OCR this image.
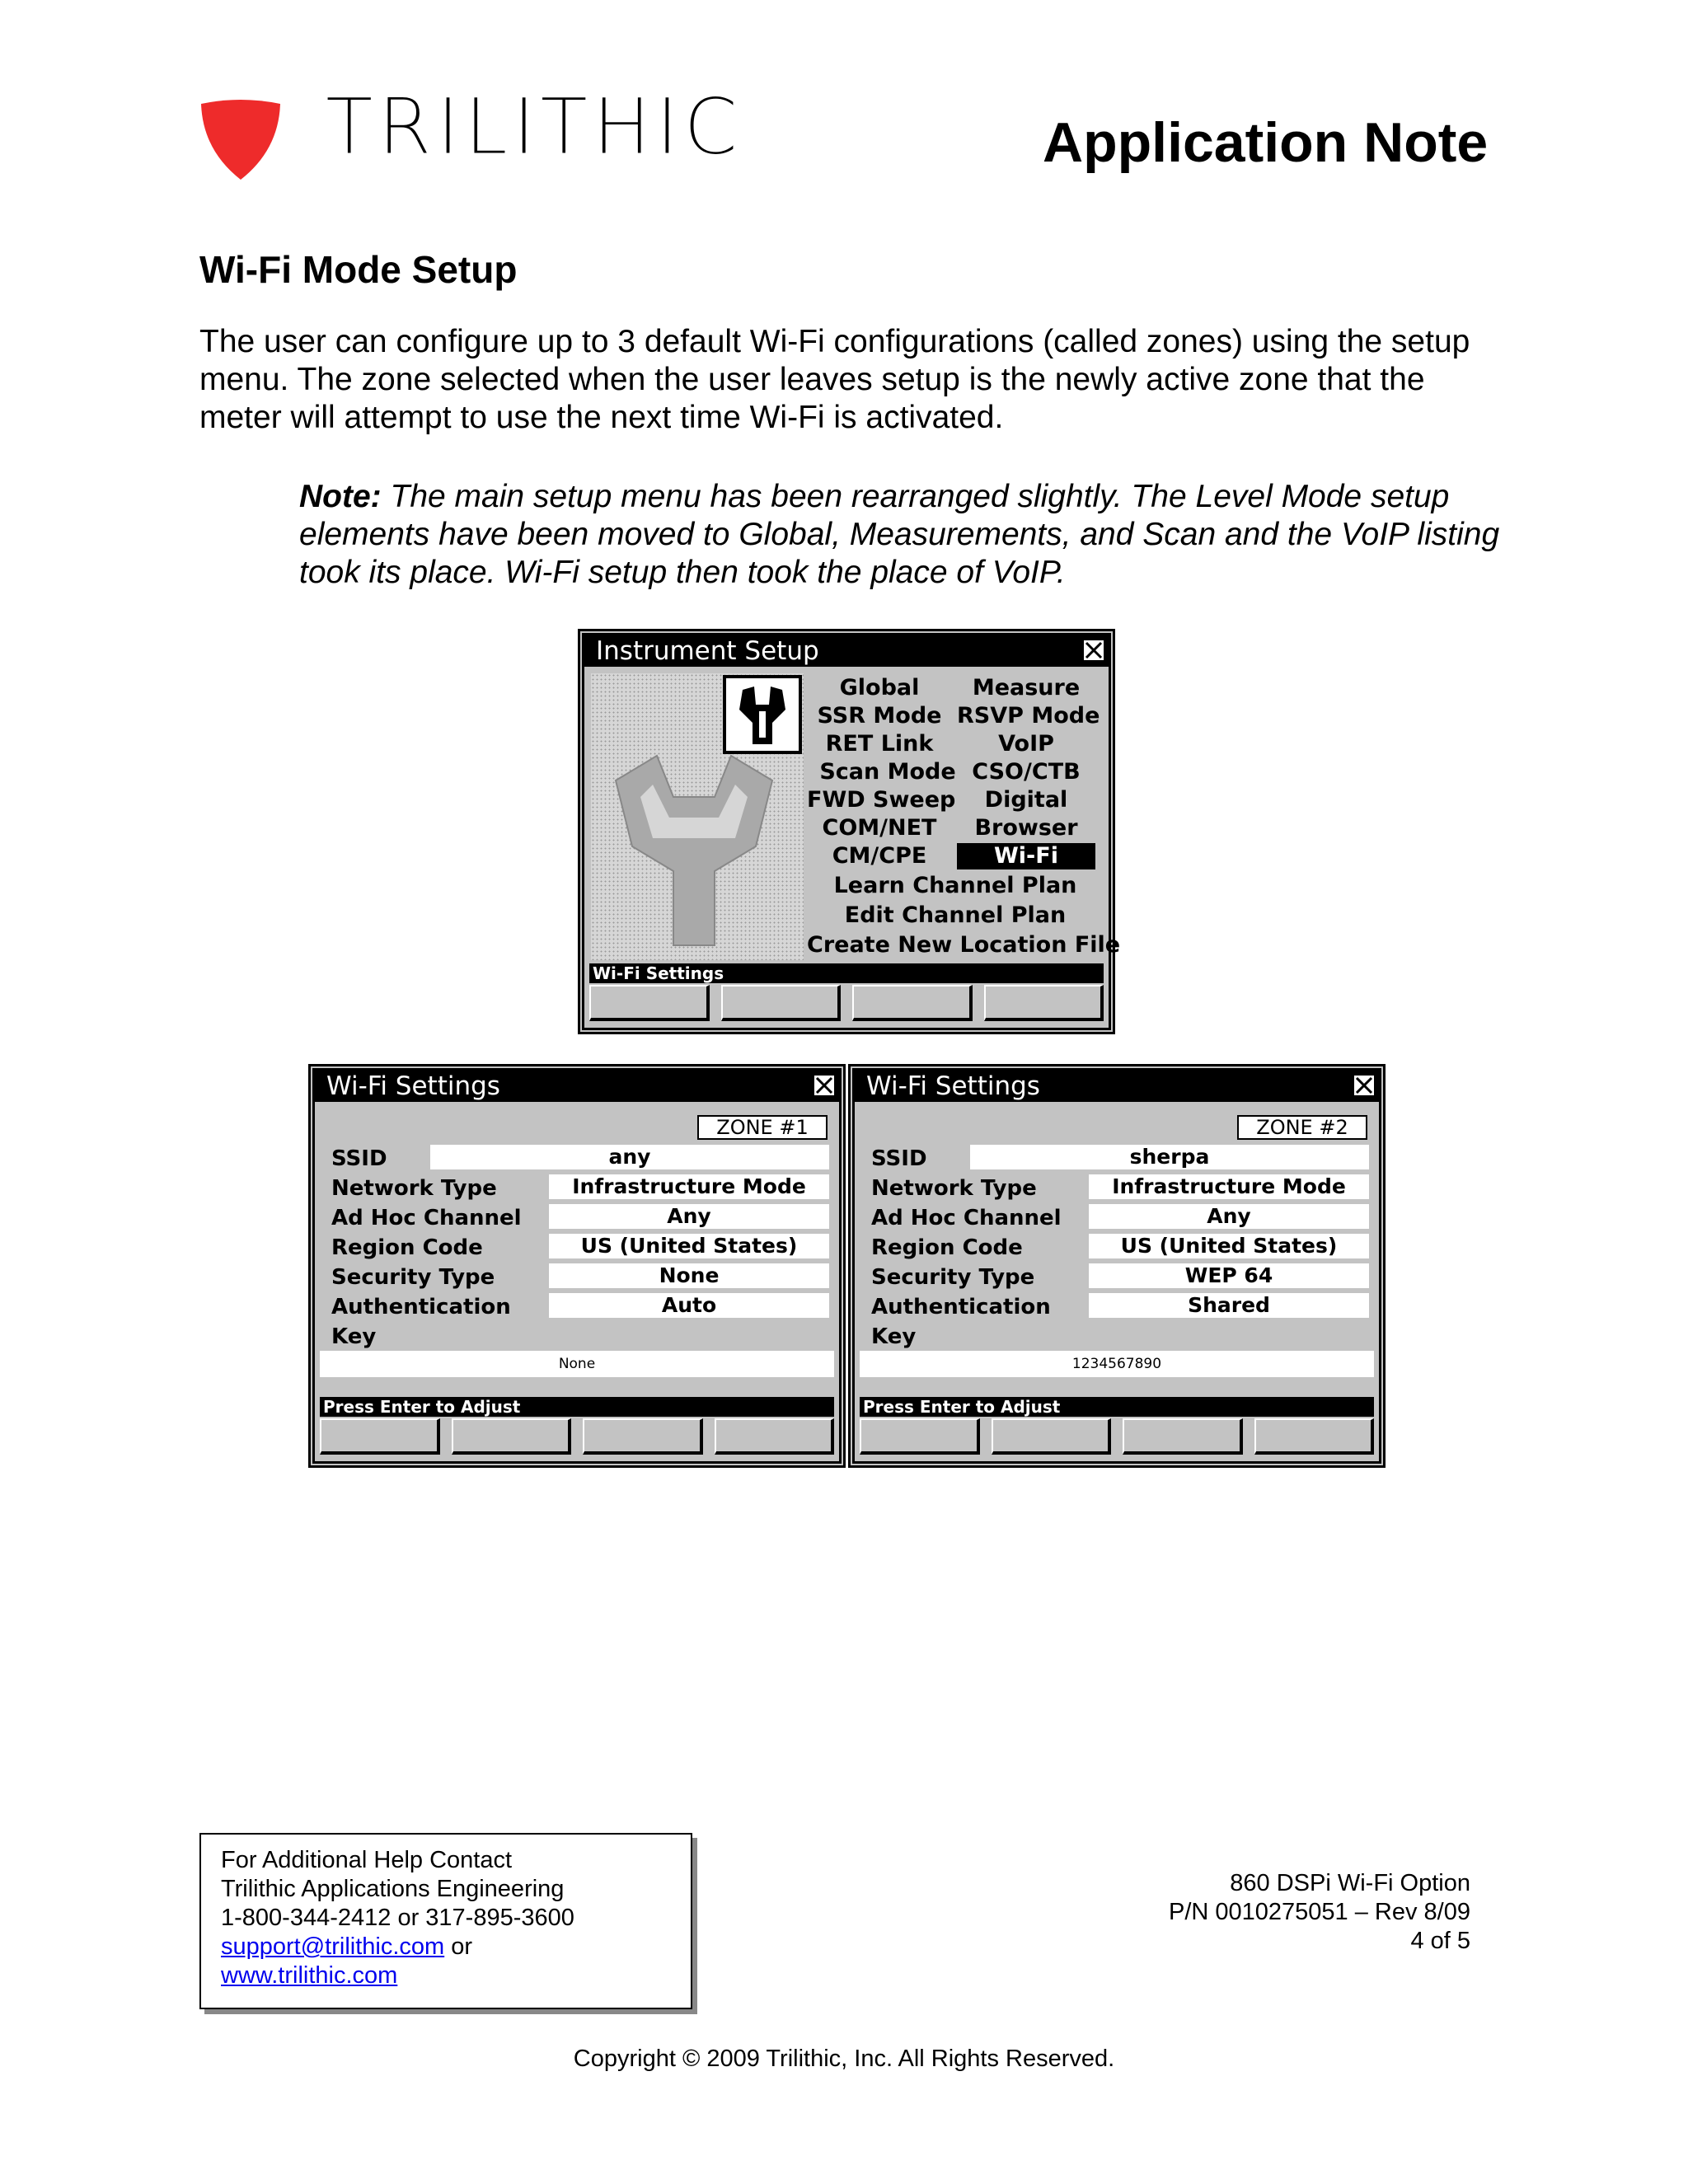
TRILITHIC	Application Note
Wi-Fi Mode Setup
The user can configure up to 3 default Wi-Fi configurations (called zones) using the setup menu. The zone selected when the user leaves setup is the newly active zone that the meter will attempt to use the next time Wi-Fi is activated.
Note: The main setup menu has been rearranged slightly. The Level Mode setup elements have been moved to Global, Measurements, and Scan and the VoIP listing took its place. Wi-Fi setup then took the place of VoIP.
Instrument Setup
Global
SSR Mode
RET Link
Scan Mode
FWD Sweep
COM/NET
CM/CPE
Measure
RSVP Mode
VoIP
CSO/CTB
Digital
Browser
Wi-Fi
Learn Channel Plan
Edit Channel Plan
Create New Location File
Wi-Fi Settings
Wi-Fi Settings
ZONE #1
SSID	any
Network Type	Infrastructure Mode
Ad Hoc Channel	Any
Region Code	US (United States)
Security Type	None
Authentication	Auto
Key
None
Press Enter to Adjust
Wi-Fi Settings
ZONE #2
SSID	sherpa
Network Type	Infrastructure Mode
Ad Hoc Channel	Any
Region Code	US (United States)
Security Type	WEP 64
Authentication	Shared
Key
1234567890
Press Enter to Adjust
For Additional Help Contact
Trilithic Applications Engineering
1-800-344-2412 or 317-895-3600
support@trilithic.com or
www.trilithic.com
860 DSPi Wi-Fi Option
P/N 0010275051 – Rev 8/09
4 of 5
Copyright © 2009 Trilithic, Inc. All Rights Reserved.
